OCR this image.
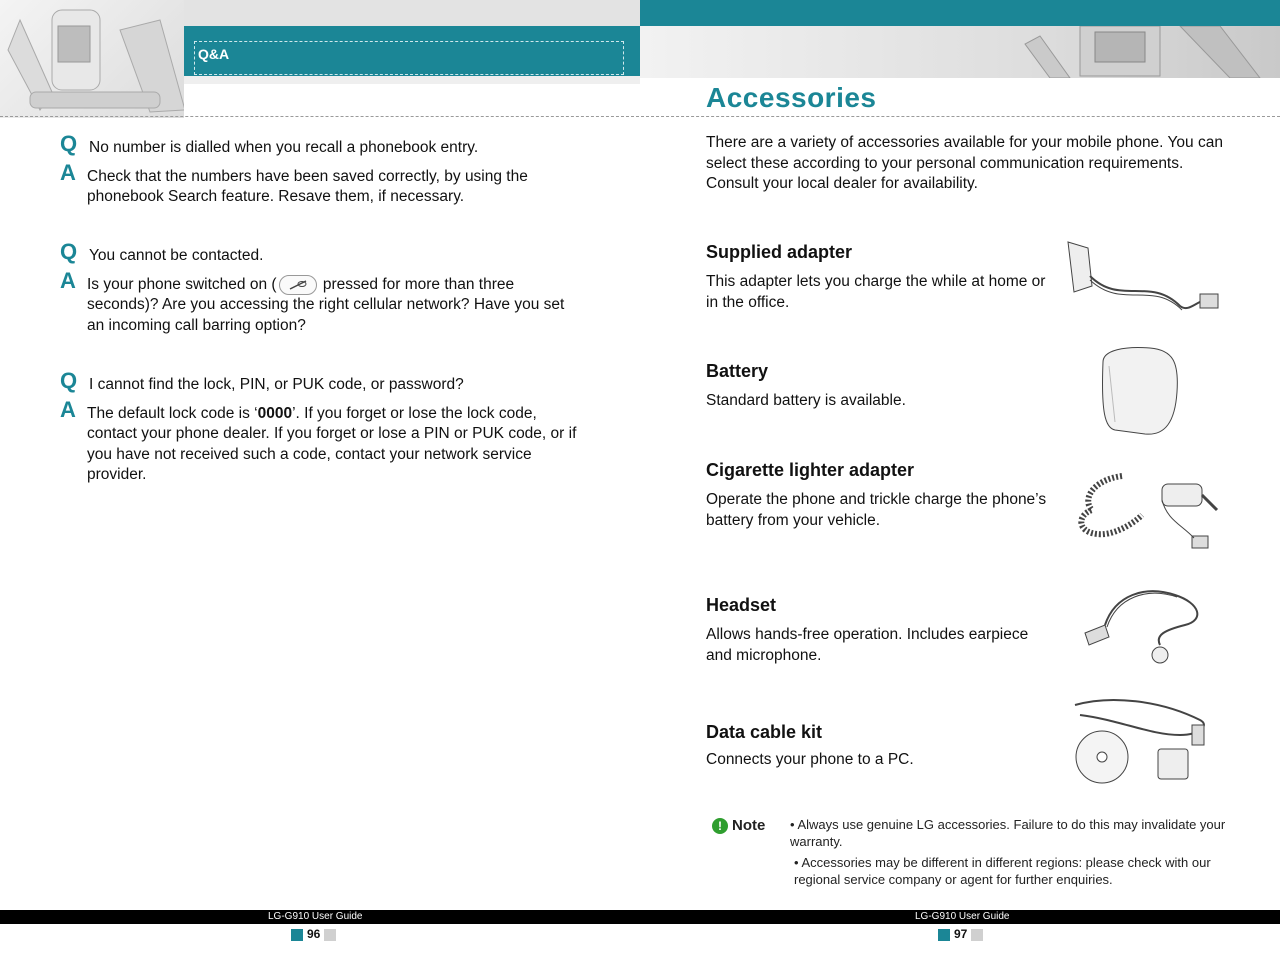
Q&A
Q No number is dialled when you recall a phonebook entry.
A Check that the numbers have been saved correctly, by using the phonebook Search feature. Resave them, if necessary.
Q You cannot be contacted.
A Is your phone switched on (	pressed for more than three seconds)? Are you accessing the right cellular network? Have you set an incoming call barring option?
Q I cannot find the lock, PIN, or PUK code, or password?
A The default lock code is ‘0000’. If you forget or lose the lock code, contact your phone dealer. If you forget or lose a PIN or PUK code, or if you have not received such a code, contact your network service provider.
Accessories
There are a variety of accessories available for your mobile phone. You can select these according to your personal communication requirements. Consult your local dealer for availability.
Supplied adapter
This adapter lets you charge the while at home or in the office.
Battery
Standard battery is available.
Cigarette lighter adapter
Operate the phone and trickle charge the phone’s battery from your vehicle.
Headset
Allows hands-free operation. Includes earpiece and microphone.
Data cable kit
Connects your phone to a PC.
! Note • Always use genuine LG accessories. Failure to do this may invalidate your warranty.
• Accessories may be different in different regions: please check with our regional service company or agent for further enquiries.
LG-G910 User Guide	LG-G910 User Guide
96	97
